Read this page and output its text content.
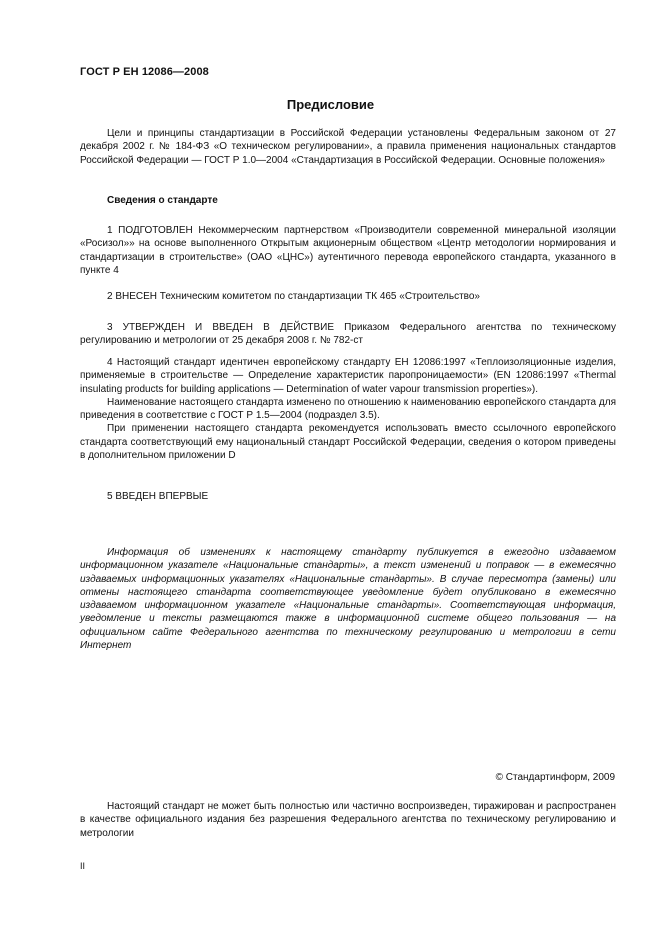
ГОСТ Р ЕН 12086—2008
Предисловие

Цели и принципы стандартизации в Российской Федерации установлены Федеральным законом от 27 декабря 2002 г. № 184-ФЗ «О техническом регулировании», а правила применения национальных стандартов Российской Федерации — ГОСТ Р 1.0—2004 «Стандартизация в Российской Федерации. Основные положения»

Сведения о стандарте

1 ПОДГОТОВЛЕН Некоммерческим партнерством «Производители современной минеральной изоляции «Росизол»» на основе выполненного Открытым акционерным обществом «Центр методологии нормирования и стандартизации в строительстве» (ОАО «ЦНС») аутентичного перевода европейского стандарта, указанного в пункте 4

2 ВНЕСЕН Техническим комитетом по стандартизации ТК 465 «Строительство»

3 УТВЕРЖДЕН И ВВЕДЕН В ДЕЙСТВИЕ Приказом Федерального агентства по техническому регулированию и метрологии от 25 декабря 2008 г. № 782-ст

4 Настоящий стандарт идентичен европейскому стандарту ЕН 12086:1997 «Теплоизоляционные изделия, применяемые в строительстве — Определение характеристик паропроницаемости» (EN 12086:1997 «Thermal insulating products for building applications — Determination of water vapour transmission properties»).

Наименование настоящего стандарта изменено по отношению к наименованию европейского стандарта для приведения в соответствие с ГОСТ Р 1.5—2004 (подраздел 3.5).

При применении настоящего стандарта рекомендуется использовать вместо ссылочного европейского стандарта соответствующий ему национальный стандарт Российской Федерации, сведения о котором приведены в дополнительном приложении D

5 ВВЕДЕН ВПЕРВЫЕ

Информация об изменениях к настоящему стандарту публикуется в ежегодно издаваемом информационном указателе «Национальные стандарты», а текст изменений и поправок — в ежемесячно издаваемых информационных указателях «Национальные стандарты». В случае пересмотра (замены) или отмены настоящего стандарта соответствующее уведомление будет опубликовано в ежемесячно издаваемом информационном указателе «Национальные стандарты». Соответствующая информация, уведомление и тексты размещаются также в информационной системе общего пользования — на официальном сайте Федерального агентства по техническому регулированию и метрологии в сети Интернет

© Стандартинформ, 2009

Настоящий стандарт не может быть полностью или частично воспроизведен, тиражирован и распространен в качестве официального издания без разрешения Федерального агентства по техническому регулированию и метрологии

II
